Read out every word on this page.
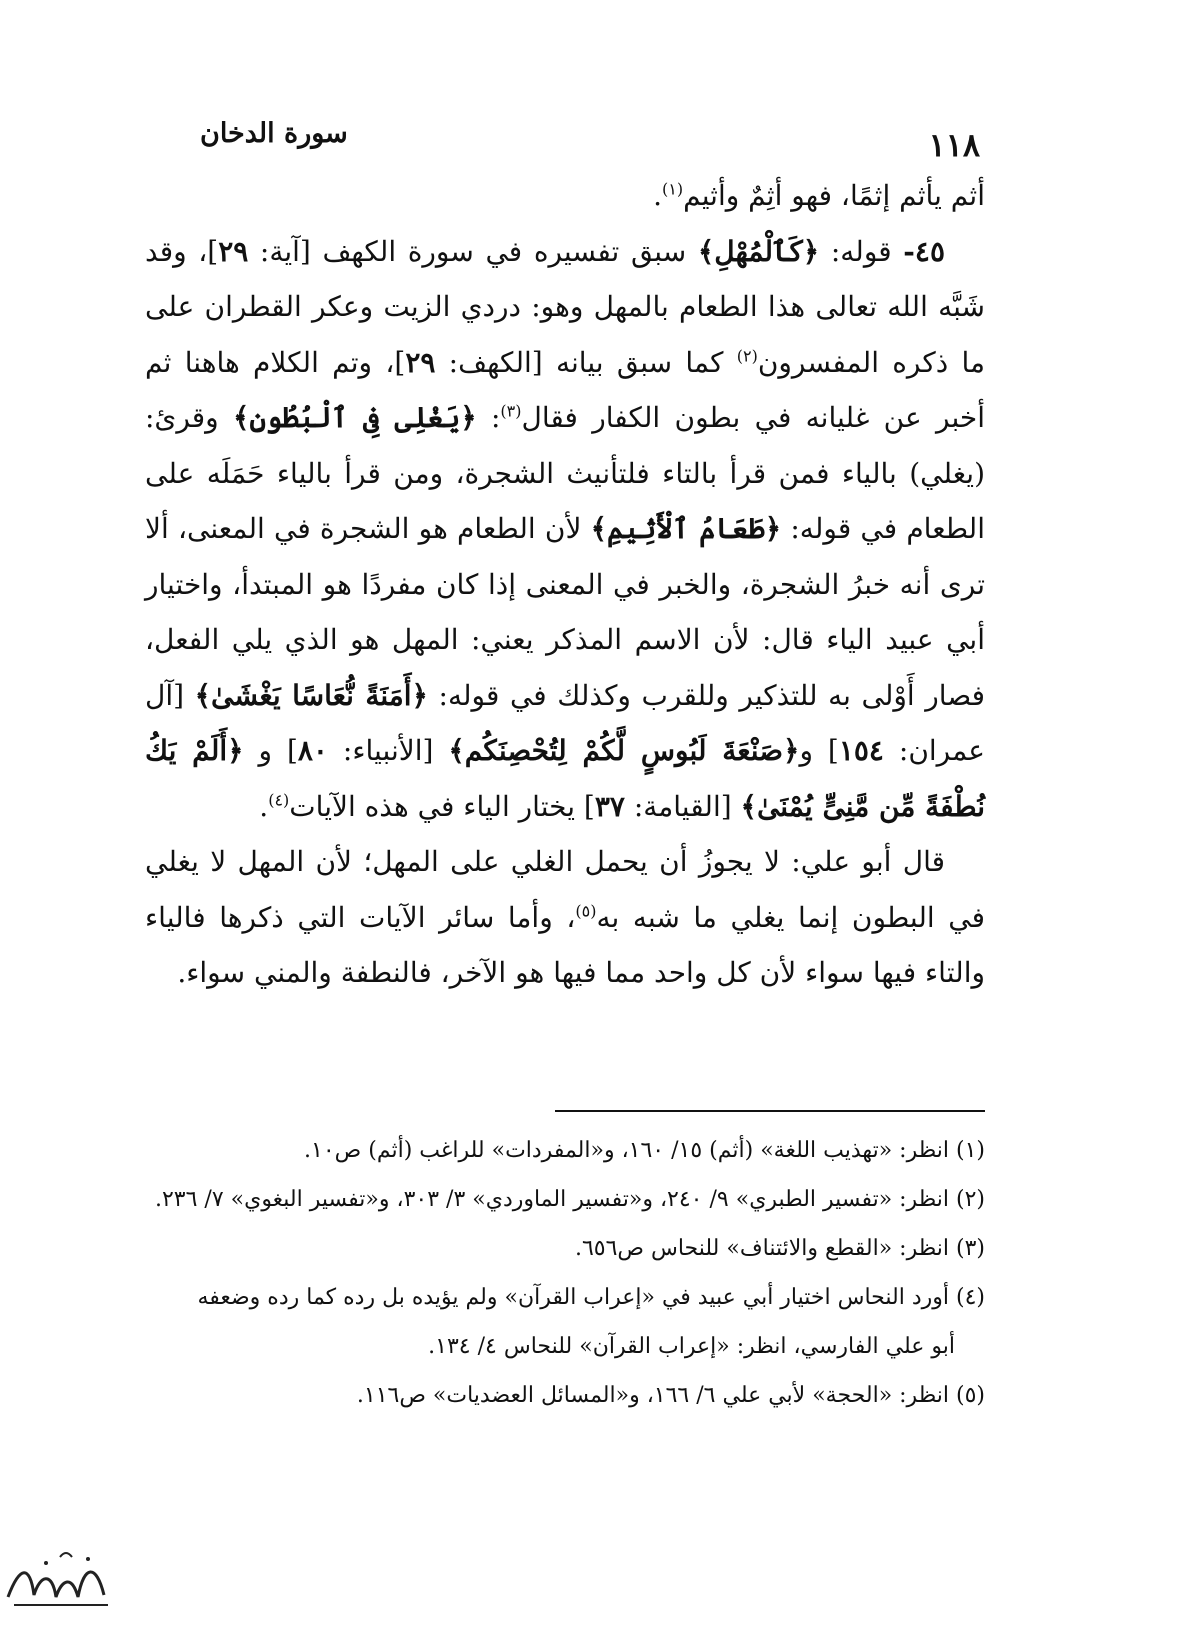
سورة الدخان	١١٨

أثم يأثم إثمًا، فهو أثِمٌ وأثيم$^{(١)}$.

٤٥- قوله: ﴿كَٱلْمُهْلِ﴾ سبق تفسيره في سورة الكهف [آية: ٢٩]، وقد شَبَّه الله تعالى هذا الطعام بالمهل وهو: دردي الزيت وعكر القطران على ما ذكره المفسرون$^{(٢)}$ كما سبق بيانه [الكهف: ٢٩]، وتم الكلام هاهنا ثم أخبر عن غليانه في بطون الكفار فقال$^{(٣)}$: ﴿يَغْلِى فِى ٱلْبُطُونِ﴾ وقرئ: (يغلي) بالياء فمن قرأ بالتاء فلتأنيث الشجرة، ومن قرأ بالياء حَمَلَه على الطعام في قوله: ﴿طَعَامُ ٱلْأَثِيمِ﴾ لأن الطعام هو الشجرة في المعنى، ألا ترى أنه خبرُ الشجرة، والخبر في المعنى إذا كان مفردًا هو المبتدأ، واختيار أبي عبيد الياء قال: لأن الاسم المذكر يعني: المهل هو الذي يلي الفعل، فصار أَوْلى به للتذكير وللقرب وكذلك في قوله: ﴿أَمَنَةً نُّعَاسًا يَغْشَىٰ﴾ [آل عمران: ١٥٤] و﴿صَنْعَةَ لَبُوسٍ لَّكُمْ لِتُحْصِنَكُم﴾ [الأنبياء: ٨٠] و ﴿أَلَمْ يَكُ نُطْفَةً مِّن مَّنِىٍّ يُمْنَىٰ﴾ [القيامة: ٣٧] يختار الياء في هذه الآيات$^{(٤)}$.

قال أبو علي: لا يجوزُ أن يحمل الغلي على المهل؛ لأن المهل لا يغلي في البطون إنما يغلي ما شبه به$^{(٥)}$، وأما سائر الآيات التي ذكرها فالياء والتاء فيها سواء لأن كل واحد مما فيها هو الآخر، فالنطفة والمني سواء.

(١) انظر: «تهذيب اللغة» (أثم) ١٥/ ١٦٠، و«المفردات» للراغب (أثم) ص١٠.

(٢) انظر: «تفسير الطبري» ٩/ ٢٤٠، و«تفسير الماوردي» ٣/ ٣٠٣، و«تفسير البغوي» ٧/ ٢٣٦.

(٣) انظر: «القطع والائتناف» للنحاس ص٦٥٦.

(٤) أورد النحاس اختيار أبي عبيد في «إعراب القرآن» ولم يؤيده بل رده كما رده وضعفه

أبو علي الفارسي، انظر: «إعراب القرآن» للنحاس ٤/ ١٣٤.

(٥) انظر: «الحجة» لأبي علي ٦/ ١٦٦، و«المسائل العضديات» ص١١٦.
